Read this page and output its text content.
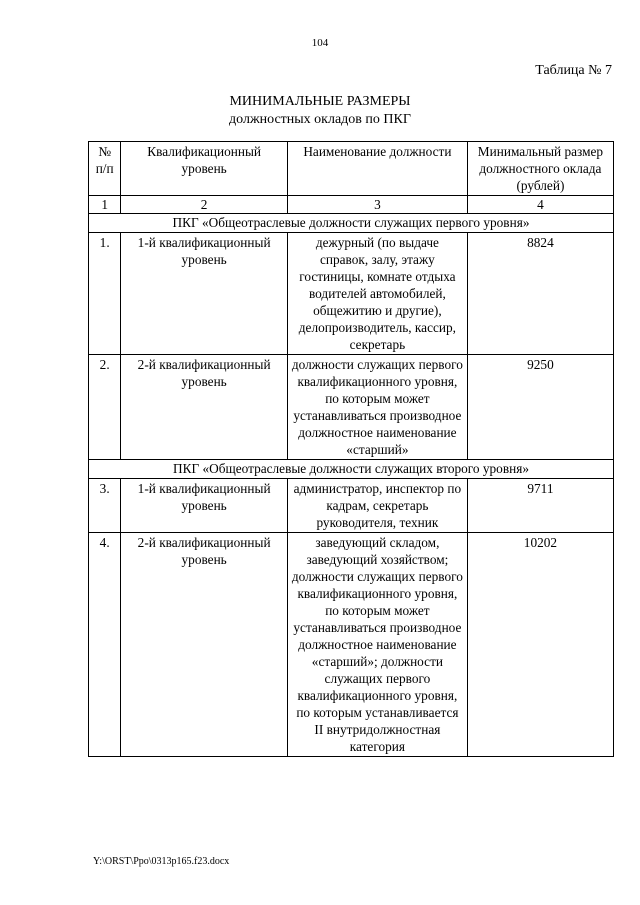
104
Таблица № 7
МИНИМАЛЬНЫЕ РАЗМЕРЫ
должностных окладов по ПКГ
№ п/п	Квалификационный уровень	Наименование должности	Минимальный размер должностного оклада (рублей)
1	2	3	4
ПКГ «Общеотраслевые должности служащих первого уровня»			
1.	1-й квалификационный уровень	дежурный (по выдаче справок, залу, этажу гостиницы, комнате отдыха водителей автомобилей, общежитию и другие), делопроизводитель, кассир, секретарь	8824
2.	2-й квалификационный уровень	должности служащих первого квалификационного уровня, по которым может устанавливаться производное должностное наименование «старший»	9250
ПКГ «Общеотраслевые должности служащих второго уровня»			
3.	1-й квалификационный уровень	администратор, инспектор по кадрам, секретарь руководителя, техник	9711
4.	2-й квалификационный уровень	заведующий складом, заведующий хозяйством; должности служащих первого квалификационного уровня, по которым может устанавливаться производное должностное наименование «старший»; должности служащих первого квалификационного уровня, по которым устанавливается II внутридолжностная категория	10202
Y:\ORST\Ppo\0313p165.f23.docx
